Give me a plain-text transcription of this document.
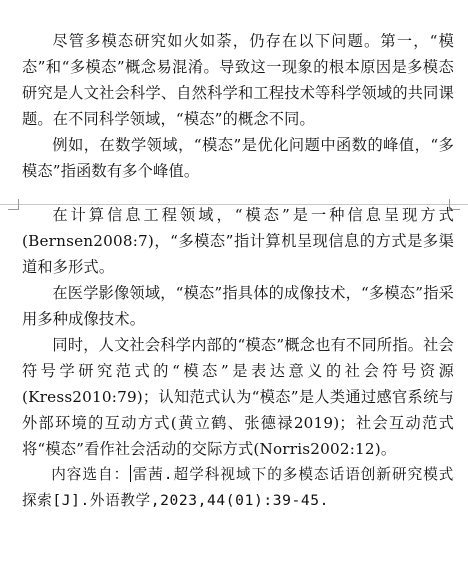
尽管多模态研究如火如荼，仍存在以下问题。第一，“模态”和“多模态”概念易混淆。导致这一现象的根本原因是多模态研究是人文社会科学、自然科学和工程技术等科学领域的共同课题。在不同科学领域，“模态”的概念不同。

例如，在数学领域，“模态”是优化问题中函数的峰值，“多模态”指函数有多个峰值。

在计算信息工程领域，“模态”是一种信息呈现方式(Bernsen2008:7)，“多模态”指计算机呈现信息的方式是多渠道和多形式。

在医学影像领域，“模态”指具体的成像技术，“多模态”指采用多种成像技术。

同时，人文社会科学内部的“模态”概念也有不同所指。社会符号学研究范式的“模态”是表达意义的社会符号资源(Kress2010:79)；认知范式认为“模态”是人类通过感官系统与外部环境的互动方式(黄立鹤、张德禄2019)；社会互动范式将“模态”看作社会活动的交际方式(Norris2002:12)。

内容选自： 雷茜.超学科视域下的多模态话语创新研究模式探索[J].外语教学,2023,44(01):39-45.
